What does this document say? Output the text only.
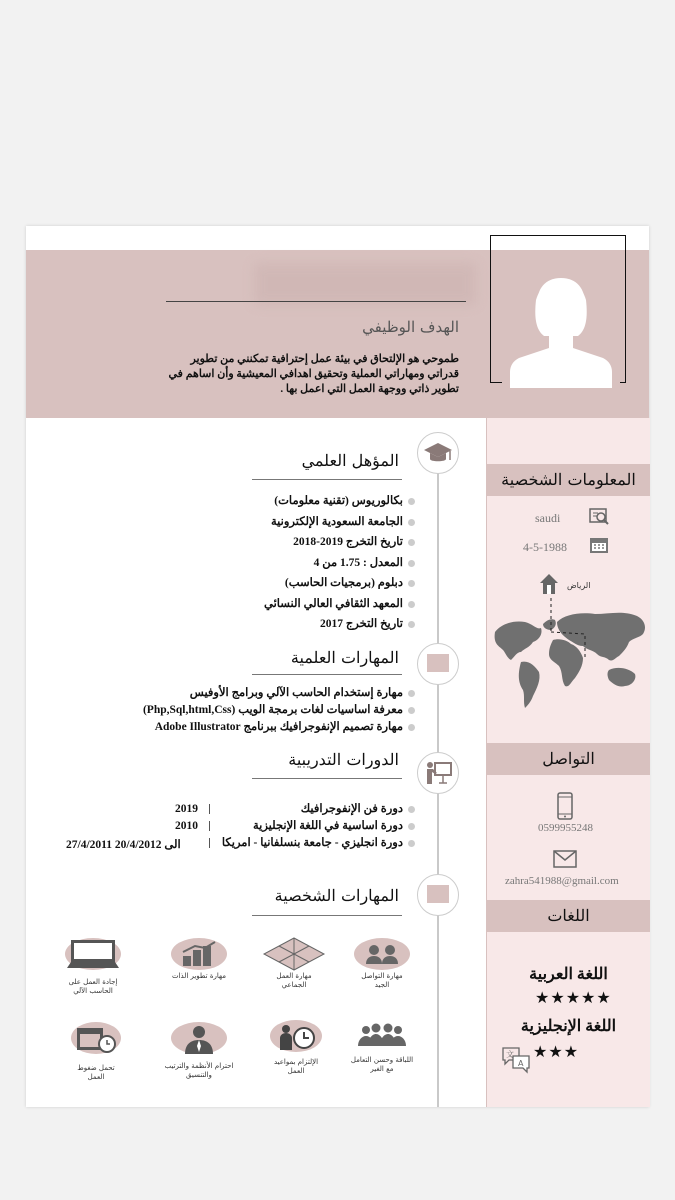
الهدف الوظيفي
طموحي هو الإلتحاق في بيئة عمل إحترافية تمكنني من تطوير قدراتي ومهاراتي العملية وتحقيق اهدافي المعيشية وأن اساهم في تطوير ذاتي ووجهة العمل التي اعمل بها .
المؤهل العلمي
بكالوريوس (تقنية معلومات)
الجامعة السعودية الإلكترونية
تاريخ التخرج 2019-2018
المعدل : 1.75 من 4
دبلوم (برمجيات الحاسب)
المعهد الثقافي العالي النسائي
تاريخ التخرج 2017
المهارات العلمية
مهارة إستخدام الحاسب الآلي وبرامج الأوفيس
معرفة اساسيات لغات برمجة الويب (Php,Sql,html,Css)
مهارة تصميم الإنفوجرافيك ببرنامج Adobe Illustrator
الدورات التدريبية
دورة فن الإنفوجرافيك
دورة اساسية في اللغة الإنجليزية
دورة انجليزي - جامعة بنسلفانيا - امريكا
2019
2010
27/4/2011 الى 20/4/2012
المهارات الشخصية
مهارة التواصل الجيد
مهارة العمل الجماعي
مهارة تطوير الذات
إجادة العمل على الحاسب الآلي
اللباقة وحسن التعامل مع الغير
الإلتزام بمواعيد العمل
احترام الأنظمة والترتيب والتنسيق
تحمل ضغوط العمل
المعلومات الشخصية
saudi
4-5-1988
الرياض
التواصل
0599955248
zahra541988@gmail.com
اللغات
اللغة العربية
★★★★★
اللغة الإنجليزية
★★★
文
A
